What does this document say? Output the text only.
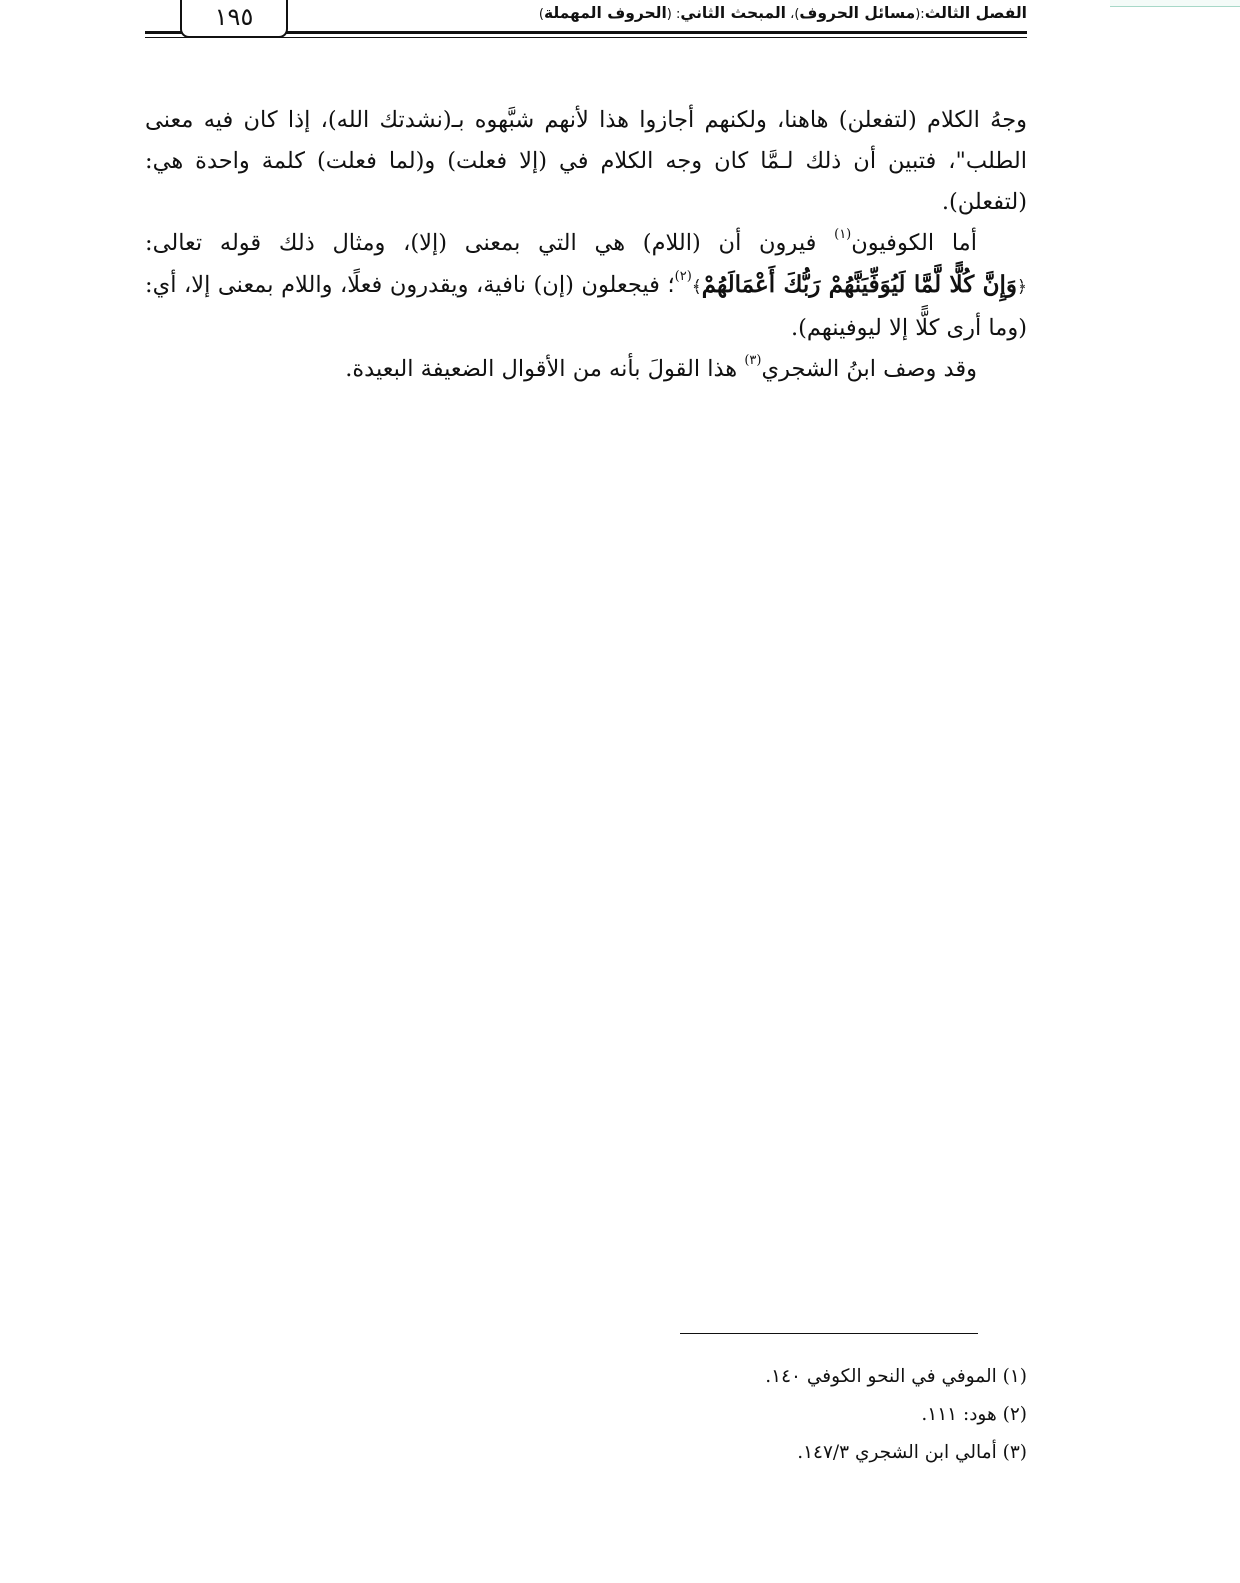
١٩٥	الفصل الثالث:(مسائل الحروف)، المبحث الثاني: (الحروف المهملة)

وجهُ الكلام (لتفعلن) هاهنا، ولكنهم أجازوا هذا لأنهم شبَّهوه بـ(نشدتك الله)، إذا كان فيه معنى الطلب"، فتبين أن ذلك لـمَّا كان وجه الكلام في (إلا فعلت) و(لما فعلت) كلمة واحدة هي: (لتفعلن).

أما الكوفيون$^{(١)}$ فيرون أن (اللام) هي التي بمعنى (إلا)، ومثال ذلك قوله تعالى:﴿وَإِنَّ كُلًّا لَّمَّا لَيُوَفِّيَنَّهُمْ رَبُّكَ أَعْمَالَهُمْ﴾$^{(٢)}$؛ فيجعلون (إن) نافية، ويقدرون فعلًا، واللام بمعنى إلا، أي: (وما أرى كلًّا إلا ليوفينهم).

وقد وصف ابنُ الشجري$^{(٣)}$ هذا القولَ بأنه من الأقوال الضعيفة البعيدة.

(١) الموفي في النحو الكوفي ١٤٠.

(٢) هود: ١١١.

(٣) أمالي ابن الشجري ١٤٧/٣.
